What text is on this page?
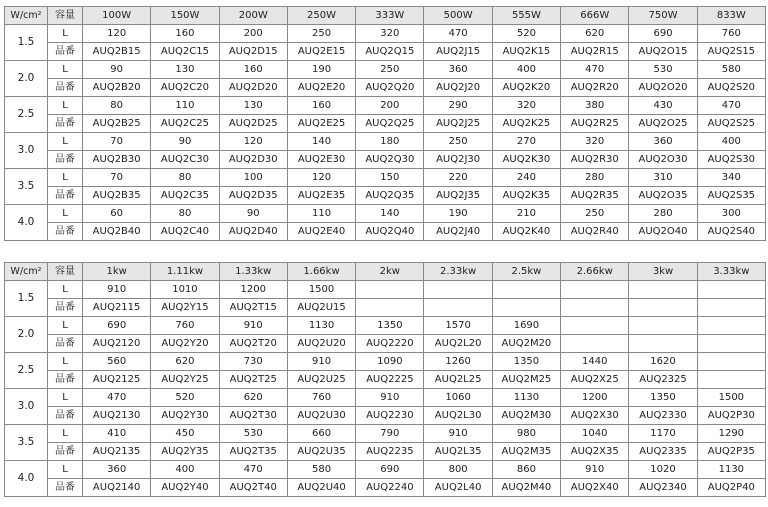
W/cm²	容量	100W	150W	200W	250W	333W	500W	555W	666W	750W	833W
1.5	L	120	160	200	250	320	470	520	620	690	760
	品番	AUQ2B15	AUQ2C15	AUQ2D15	AUQ2E15	AUQ2Q15	AUQ2J15	AUQ2K15	AUQ2R15	AUQ2O15	AUQ2S15
2.0	L	90	130	160	190	250	360	400	470	530	580
	品番	AUQ2B20	AUQ2C20	AUQ2D20	AUQ2E20	AUQ2Q20	AUQ2J20	AUQ2K20	AUQ2R20	AUQ2O20	AUQ2S20
2.5	L	80	110	130	160	200	290	320	380	430	470
	品番	AUQ2B25	AUQ2C25	AUQ2D25	AUQ2E25	AUQ2Q25	AUQ2J25	AUQ2K25	AUQ2R25	AUQ2O25	AUQ2S25
3.0	L	70	90	120	140	180	250	270	320	360	400
	品番	AUQ2B30	AUQ2C30	AUQ2D30	AUQ2E30	AUQ2Q30	AUQ2J30	AUQ2K30	AUQ2R30	AUQ2O30	AUQ2S30
3.5	L	70	80	100	120	150	220	240	280	310	340
	品番	AUQ2B35	AUQ2C35	AUQ2D35	AUQ2E35	AUQ2Q35	AUQ2J35	AUQ2K35	AUQ2R35	AUQ2O35	AUQ2S35
4.0	L	60	80	90	110	140	190	210	250	280	300
	品番	AUQ2B40	AUQ2C40	AUQ2D40	AUQ2E40	AUQ2Q40	AUQ2J40	AUQ2K40	AUQ2R40	AUQ2O40	AUQ2S40
W/cm²	容量	1kw	1.11kw	1.33kw	1.66kw	2kw	2.33kw	2.5kw	2.66kw	3kw	3.33kw
1.5	L	910	1010	1200	1500						
	品番	AUQ2115	AUQ2Y15	AUQ2T15	AUQ2U15						
2.0	L	690	760	910	1130	1350	1570	1690			
	品番	AUQ2120	AUQ2Y20	AUQ2T20	AUQ2U20	AUQ2220	AUQ2L20	AUQ2M20			
2.5	L	560	620	730	910	1090	1260	1350	1440	1620	
	品番	AUQ2125	AUQ2Y25	AUQ2T25	AUQ2U25	AUQ2225	AUQ2L25	AUQ2M25	AUQ2X25	AUQ2325	
3.0	L	470	520	620	760	910	1060	1130	1200	1350	1500
	品番	AUQ2130	AUQ2Y30	AUQ2T30	AUQ2U30	AUQ2230	AUQ2L30	AUQ2M30	AUQ2X30	AUQ2330	AUQ2P30
3.5	L	410	450	530	660	790	910	980	1040	1170	1290
	品番	AUQ2135	AUQ2Y35	AUQ2T35	AUQ2U35	AUQ2235	AUQ2L35	AUQ2M35	AUQ2X35	AUQ2335	AUQ2P35
4.0	L	360	400	470	580	690	800	860	910	1020	1130
	品番	AUQ2140	AUQ2Y40	AUQ2T40	AUQ2U40	AUQ2240	AUQ2L40	AUQ2M40	AUQ2X40	AUQ2340	AUQ2P40
